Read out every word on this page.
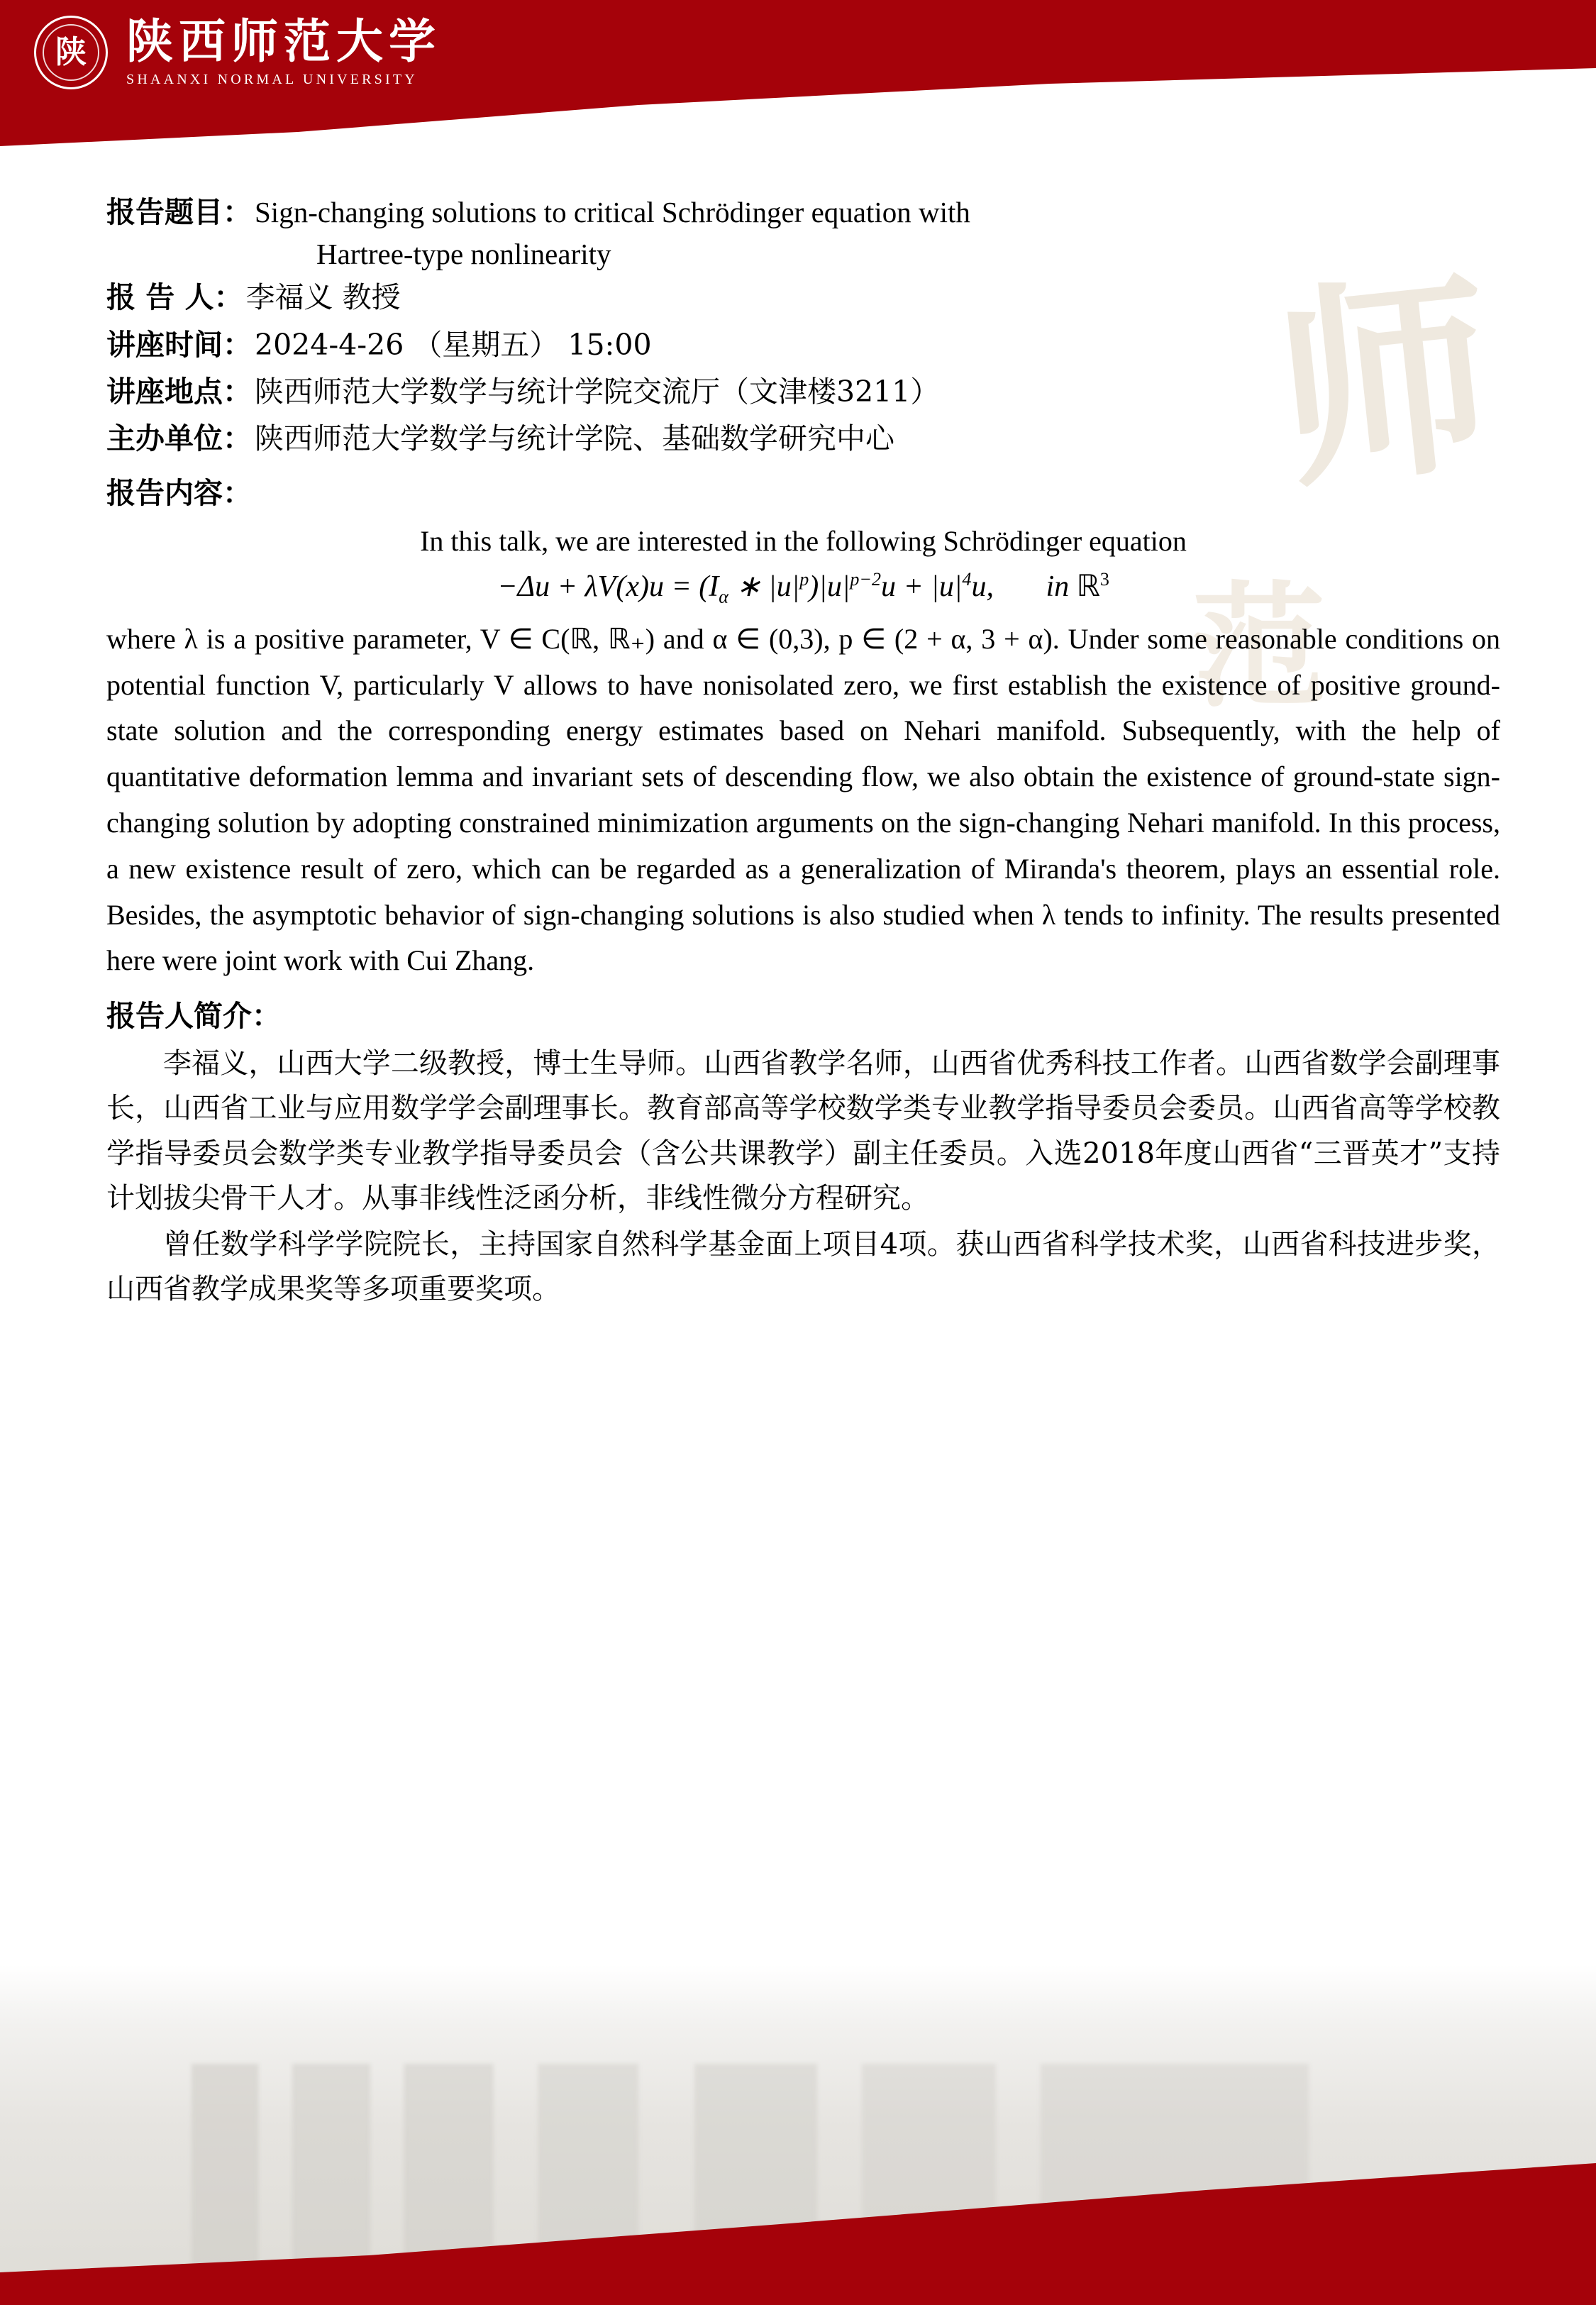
陕 陕西师范大学
SHAANXI NORMAL UNIVERSITY
师
范
报告题目： Sign-changing solutions to critical Schrödinger equation with
Hartree-type nonlinearity
报 告 人： 李福义 教授
讲座时间： 2024-4-26 （星期五） 15:00
讲座地点： 陕西师范大学数学与统计学院交流厅（文津楼3211）
主办单位： 陕西师范大学数学与统计学院、基础数学研究中心
报告内容：
In this talk, we are interested in the following Schrödinger equation
$-\Delta u + \lambda V(x)u = (I_\alpha$ ∗ $|u|^p)|u|^{p-2}u + |u|^4u$,       in ℝ$^3$
where λ is a positive parameter, V ∈ C(ℝ, ℝ₊) and α ∈ (0,3), p ∈ (2 + α, 3 + α). Under some reasonable conditions on potential function V, particularly V allows to have nonisolated zero, we first establish the existence of positive ground-state solution and the corresponding energy estimates based on Nehari manifold. Subsequently, with the help of quantitative deformation lemma and invariant sets of descending flow, we also obtain the existence of ground-state sign-changing solution by adopting constrained minimization arguments on the sign-changing Nehari manifold. In this process, a new existence result of zero, which can be regarded as a generalization of Miranda's theorem, plays an essential role. Besides, the asymptotic behavior of sign-changing solutions is also studied when λ tends to infinity. The results presented here were joint work with Cui Zhang.
报告人简介：

李福义，山西大学二级教授，博士生导师。山西省教学名师，山西省优秀科技工作者。山西省数学会副理事长，山西省工业与应用数学学会副理事长。教育部高等学校数学类专业教学指导委员会委员。山西省高等学校教学指导委员会数学类专业教学指导委员会（含公共课教学）副主任委员。入选2018年度山西省“三晋英才”支持计划拔尖骨干人才。从事非线性泛函分析，非线性微分方程研究。

曾任数学科学学院院长，主持国家自然科学基金面上项目4项。获山西省科学技术奖，山西省科技进步奖，山西省教学成果奖等多项重要奖项。
